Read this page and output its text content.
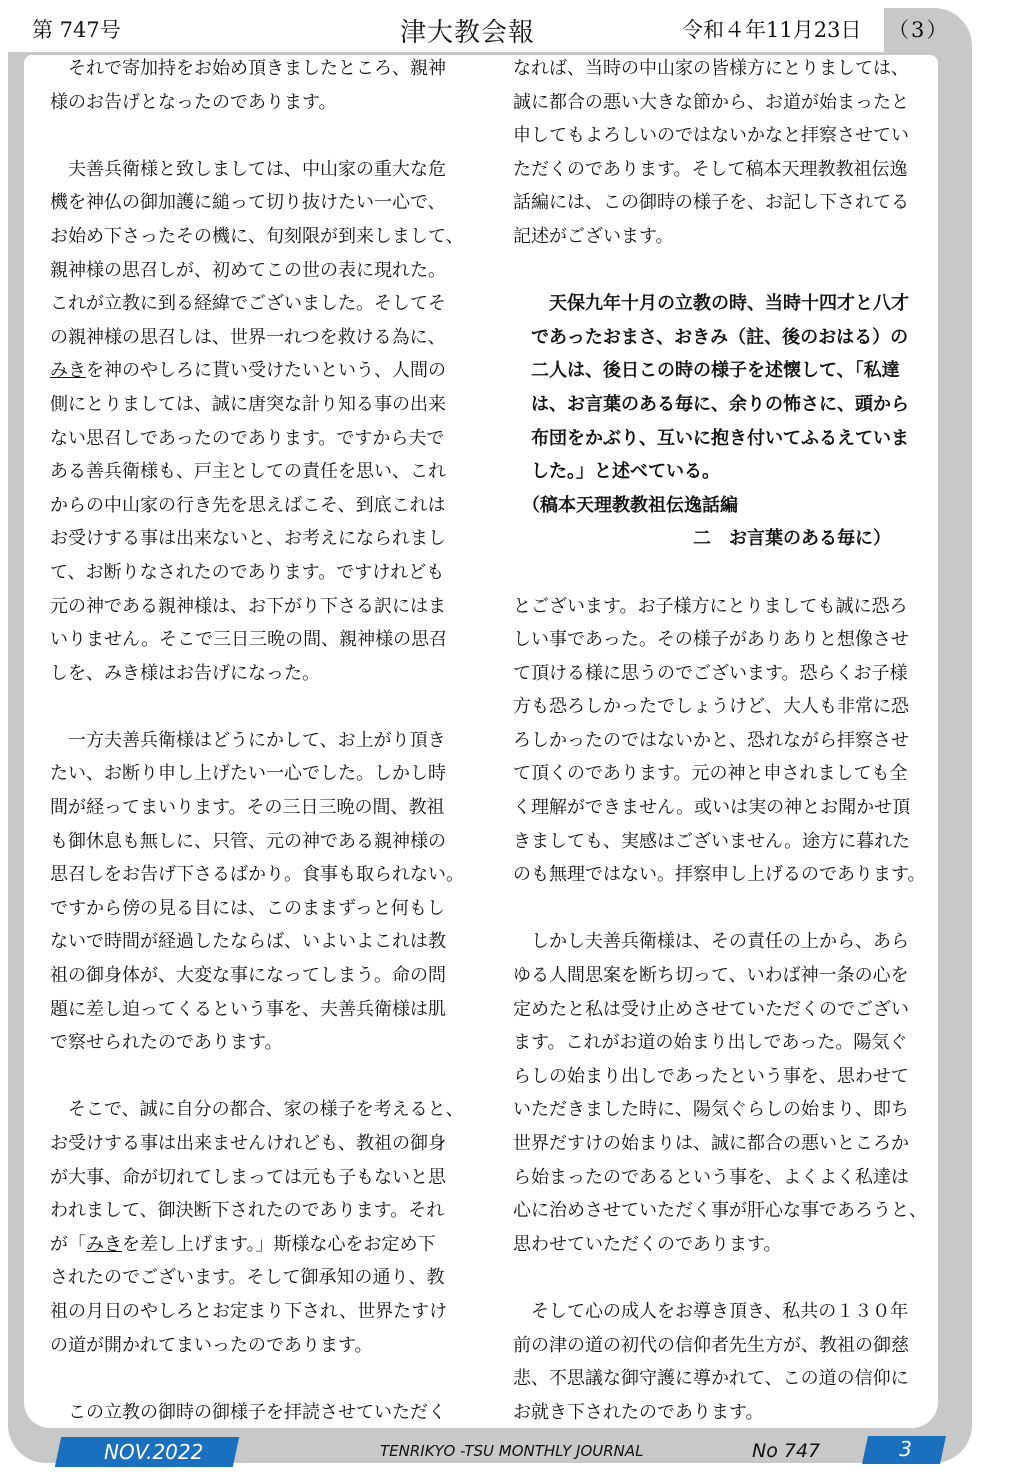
第 747号	津大教会報	令和４年11月23日 （3）

　それで寄加持をお始め頂きましたところ、親神

様のお告げとなったのであります。

　夫善兵衛様と致しましては、中山家の重大な危

機を神仏の御加護に縋って切り抜けたい一心で、

お始め下さったその機に、旬刻限が到来しまして、

親神様の思召しが、初めてこの世の表に現れた。

これが立教に到る経緯でございました。そしてそ

の親神様の思召しは、世界一れつを救ける為に、

みきを神のやしろに貰い受けたいという、人間の

側にとりましては、誠に唐突な計り知る事の出来

ない思召しであったのであります。ですから夫で

ある善兵衛様も、戸主としての責任を思い、これ

からの中山家の行き先を思えばこそ、到底これは

お受けする事は出来ないと、お考えになられまし

て、お断りなされたのであります。ですけれども

元の神である親神様は、お下がり下さる訳にはま

いりません。そこで三日三晩の間、親神様の思召

しを、みき様はお告げになった。

　一方夫善兵衛様はどうにかして、お上がり頂き

たい、お断り申し上げたい一心でした。しかし時

間が経ってまいります。その三日三晩の間、教祖

も御休息も無しに、只管、元の神である親神様の

思召しをお告げ下さるばかり。食事も取られない。

ですから傍の見る目には、このままずっと何もし

ないで時間が経過したならば、いよいよこれは教

祖の御身体が、大変な事になってしまう。命の問

題に差し迫ってくるという事を、夫善兵衛様は肌

で察せられたのであります。

　そこで、誠に自分の都合、家の様子を考えると、

お受けする事は出来ませんけれども、教祖の御身

が大事、命が切れてしまっては元も子もないと思

われまして、御決断下されたのであります。それ

が「みきを差し上げます。」斯様な心をお定め下

されたのでございます。そして御承知の通り、教

祖の月日のやしろとお定まり下され、世界たすけ

の道が開かれてまいったのであります。

　この立教の御時の御様子を拝読させていただく

なれば、当時の中山家の皆様方にとりましては、

誠に都合の悪い大きな節から、お道が始まったと

申してもよろしいのではないかなと拝察させてい

ただくのであります。そして稿本天理教教祖伝逸

話編には、この御時の様子を、お記し下されてる

記述がございます。

　天保九年十月の立教の時、当時十四才と八才

であったおまさ、おきみ（註、後のおはる）の

二人は、後日この時の様子を述懐して、「私達

は、お言葉のある毎に、余りの怖さに、頭から

布団をかぶり、互いに抱き付いてふるえていま

した。」と述べている。

　（稿本天理教教祖伝逸話編

　　　　　　　　　　二　お言葉のある毎に）

とございます。お子様方にとりましても誠に恐ろ

しい事であった。その様子がありありと想像させ

て頂ける様に思うのでございます。恐らくお子様

方も恐ろしかったでしょうけど、大人も非常に恐

ろしかったのではないかと、恐れながら拝察させ

て頂くのであります。元の神と申されましても全

く理解ができません。或いは実の神とお聞かせ頂

きましても、実感はございません。途方に暮れた

のも無理ではない。拝察申し上げるのであります。

　しかし夫善兵衛様は、その責任の上から、あら

ゆる人間思案を断ち切って、いわば神一条の心を

定めたと私は受け止めさせていただくのでござい

ます。これがお道の始まり出しであった。陽気ぐ

らしの始まり出しであったという事を、思わせて

いただきました時に、陽気ぐらしの始まり、即ち

世界だすけの始まりは、誠に都合の悪いところか

ら始まったのであるという事を、よくよく私達は

心に治めさせていただく事が肝心な事であろうと、

思わせていただくのであります。

　そして心の成人をお導き頂き、私共の１３０年

前の津の道の初代の信仰者先生方が、教祖の御慈

悲、不思議な御守護に導かれて、この道の信仰に

お就き下されたのであります。

NOV.2022	TENRIKYO -TSU MONTHLY JOURNAL	No 747	3
